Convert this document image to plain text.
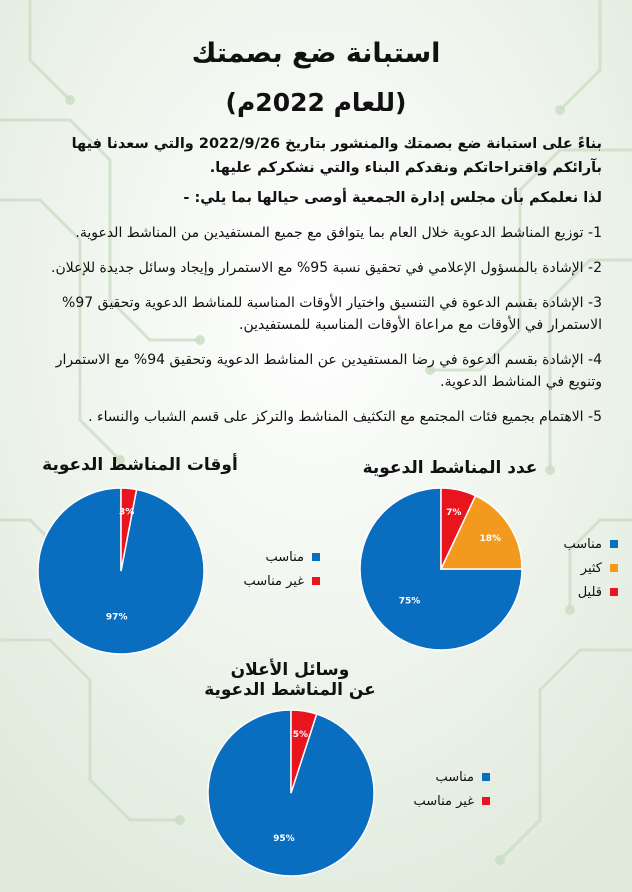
استبانة ضع بصمتك
(للعام 2022م)

بناءً على استبانة ضع بصمتك والمنشور بتاريخ 2022/9/26 والتي سعدنا فيها بآرائكم واقتراحاتكم ونقدكم البناء والتي نشكركم عليها.

لذا نعلمكم بأن مجلس إدارة الجمعية أوصى حيالها بما يلي: -

1- توزيع المناشط الدعوية خلال العام بما يتوافق مع جميع المستفيدين من المناشط الدعوية.
2- الإشادة بالمسؤول الإعلامي في تحقيق نسبة 95% مع الاستمرار وإيجاد وسائل جديدة للإعلان.
3- الإشادة بقسم الدعوة في التنسيق واختيار الأوقات المناسبة للمناشط الدعوية وتحقيق 97% الاستمرار في الأوقات مع مراعاة الأوقات المناسبة للمستفيدين.
4- الإشادة بقسم الدعوة في رضا المستفيدين عن المناشط الدعوية وتحقيق 94% مع الاستمرار وتنويع في المناشط الدعوية.
5- الاهتمام بجميع فئات المجتمع مع التكثيف المناشط والتركز على قسم الشباب والنساء .
عدد المناشط الدعوية
75%
18%
7%
مناسب
كثير
قليل
أوقات المناشط الدعوية
97%
3%
مناسب
غير مناسب
وسائل الأعلان
عن المناشط الدعوية
95%
5%
مناسب
غير مناسب
